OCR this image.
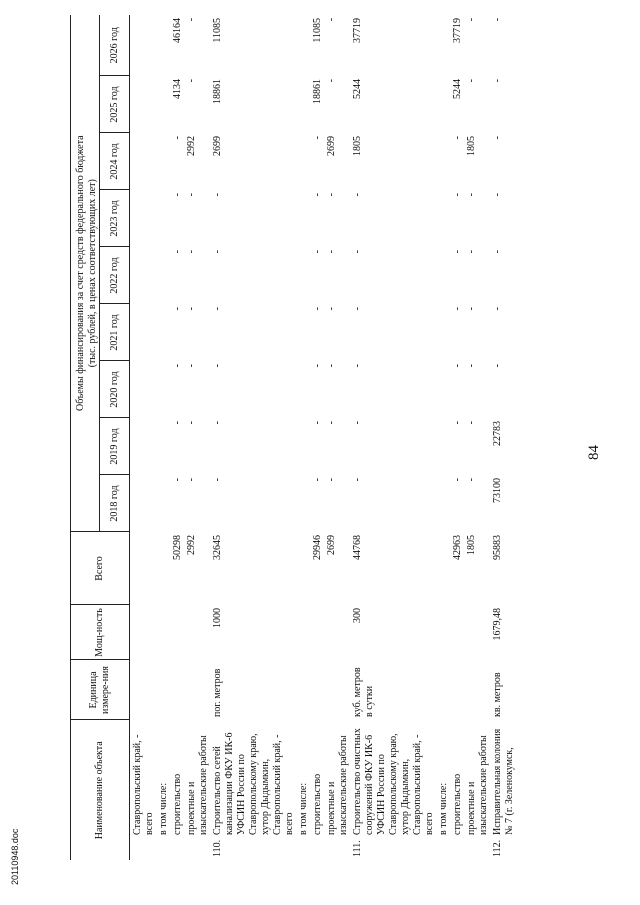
20110948.doc
84
Наименование объекта		Единица измере-ния	Мощ-ность	Всего	Объемы финансирования за счет средств федерального бюджета								
					(тыс. рублей, в ценах соответствующих лет)								
					2018 год	2019 год	2020 год	2021 год	2022 год	2023 год	2024 год	2025 год	2026 год
	Ставропольский край, - всего												
	в том числе:												
	строительство			50298	-	-	-	-	-	-	-	4134	46164
	проектные и изыскательские работы			2992	-	-	-	-	-	-	2992	-	-
110.	Строительство сетей канализации ФКУ ИК-6 УФСИН России по Ставропольскому краю, хутор Дыдымкин, Ставропольский край, - всего	пог. метров	1000	32645	-	-	-	-	-	-	2699	18861	11085
	в том числе:												
	строительство			29946	-	-	-	-	-	-	-	18861	11085
	проектные и изыскательские работы			2699	-	-	-	-	-	-	2699	-	-
111.	Строительство очистных сооружений ФКУ ИК-6 УФСИН России по Ставропольскому краю, хутор Дыдымкин, Ставропольский край, - всего	куб. метров в сутки	300	44768	-	-	-	-	-	-	1805	5244	37719
	в том числе:												
	строительство			42963	-	-	-	-	-	-	-	5244	37719
	проектные и изыскательские работы			1805	-	-	-	-	-	-	1805	-	-
112.	Исправительная колония № 7 (г. Зеленокумск,	кв. метров	1679,48	95883	73100	22783	-	-	-	-	-	-	-
